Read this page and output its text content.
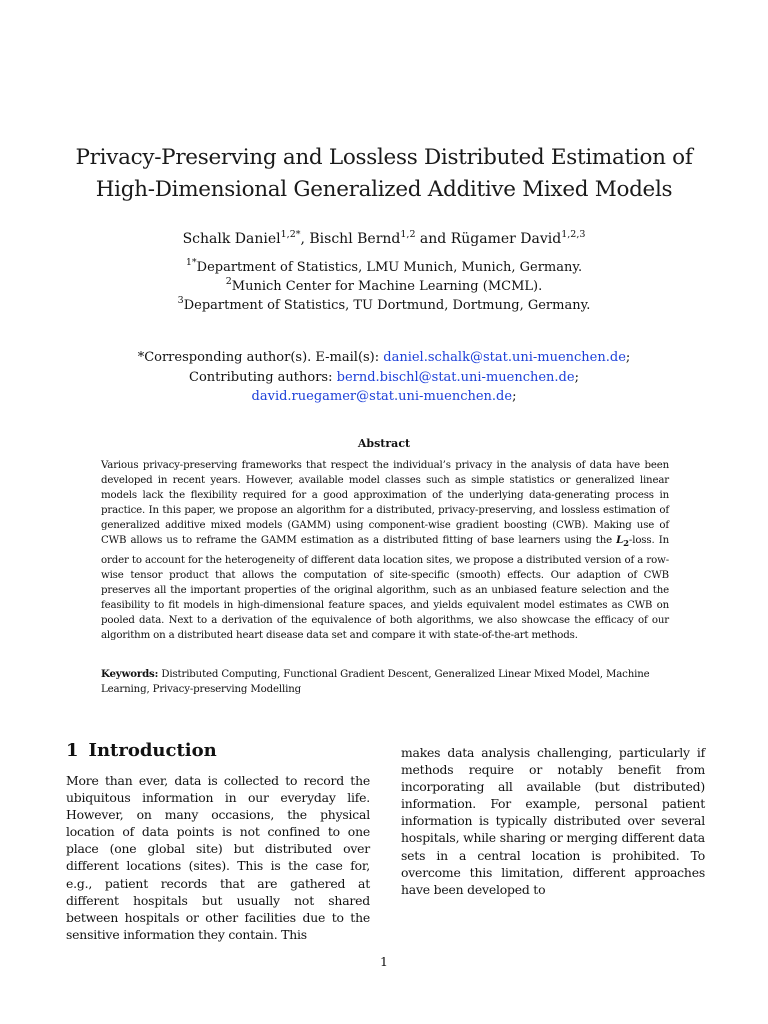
Privacy-Preserving and Lossless Distributed Estimation of
High-Dimensional Generalized Additive Mixed Models
Schalk Daniel$^{1,2*}$, Bischl Bernd$^{1,2}$ and Rügamer David$^{1,2,3}$
$^{1*}$Department of Statistics, LMU Munich, Munich, Germany.
$^2$Munich Center for Machine Learning (MCML).
$^3$Department of Statistics, TU Dortmund, Dortmung, Germany.
*Corresponding author(s). E-mail(s): daniel.schalk@stat.uni-muenchen.de;
Contributing authors: bernd.bischl@stat.uni-muenchen.de;
david.ruegamer@stat.uni-muenchen.de;
Abstract
Various privacy-preserving frameworks that respect the individual’s privacy in the analysis of data have been developed in recent years. However, available model classes such as simple statistics or generalized linear models lack the flexibility required for a good approximation of the underlying data-generating process in practice. In this paper, we propose an algorithm for a distributed, privacy-preserving, and lossless estimation of generalized additive mixed models (GAMM) using component-wise gradient boosting (CWB). Making use of CWB allows us to reframe the GAMM estimation as a distributed fitting of base learners using the $L_2$-loss. In order to account for the heterogeneity of different data location sites, we propose a distributed version of a row-wise tensor product that allows the computation of site-specific (smooth) effects. Our adaption of CWB preserves all the important properties of the original algorithm, such as an unbiased feature selection and the feasibility to fit models in high-dimensional feature spaces, and yields equivalent model estimates as CWB on pooled data. Next to a derivation of the equivalence of both algorithms, we also showcase the efficacy of our algorithm on a distributed heart disease data set and compare it with state-of-the-art methods.
Keywords: Distributed Computing, Functional Gradient Descent, Generalized Linear Mixed Model, Machine Learning, Privacy-preserving Modelling
1 Introduction
More than ever, data is collected to record the ubiquitous information in our everyday life. However, on many occasions, the physical location of data points is not confined to one place (one global site) but distributed over different locations (sites). This is the case for, e.g., patient records that are gathered at different hospitals but usually not shared between hospitals or other facilities due to the sensitive information they contain. This
makes data analysis challenging, particularly if methods require or notably benefit from incorporating all available (but distributed) information. For example, personal patient information is typically distributed over several hospitals, while sharing or merging different data sets in a central location is prohibited. To overcome this limitation, different approaches have been developed to
1
